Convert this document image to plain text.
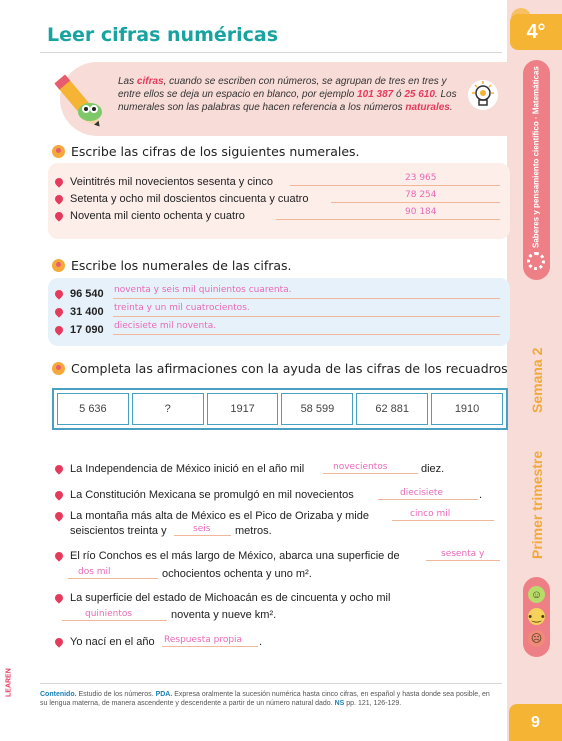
Leer cifras numéricas	4°
Saberes y pensamiento científico · Matemáticas
Semana 2
Primer trimestre
☺
•‿•
☹
9
Las cifras, cuando se escriben con números, se agrupan de tres en tres y entre ellos se deja un espacio en blanco, por ejemplo 101 387 ó 25 610. Los numerales son las palabras que hacen referencia a los números naturales.
Escribe las cifras de los siguientes numerales.
Veintitrés mil novecientos sesenta y cinco	23 965
Setenta y ocho mil doscientos cincuenta y cuatro	78 254
Noventa mil ciento ochenta y cuatro	90 184
Escribe los numerales de las cifras.
96 540 noventa y seis mil quinientos cuarenta.
31 400 treinta y un mil cuatrocientos.
17 090 diecisiete mil noventa.
Completa las afirmaciones con la ayuda de las cifras de los recuadros
5 636	?	1917	58 599	62 881	1910
La Independencia de México inició en el año mil	novecientos	diez.
La Constitución Mexicana se promulgó en mil novecientos	diecisiete	.
La montaña más alta de México es el Pico de Orizaba y mide	cinco mil
seiscientos treinta y	seis metros.
El río Conchos es el más largo de México, abarca una superficie de	sesenta y
dos mil	ochocientos ochenta y uno m².
La superficie del estado de Michoacán es de cincuenta y ocho mil
quinientos	noventa y nueve km².
Yo nací en el año Respuesta propia .
LEAREN	Contenido. Estudio de los números. PDA. Expresa oralmente la sucesión numérica hasta cinco cifras, en español y hasta donde sea posible, en su lengua materna, de manera ascendente y descendente a partir de un número natural dado. NS pp. 121, 126-129.
